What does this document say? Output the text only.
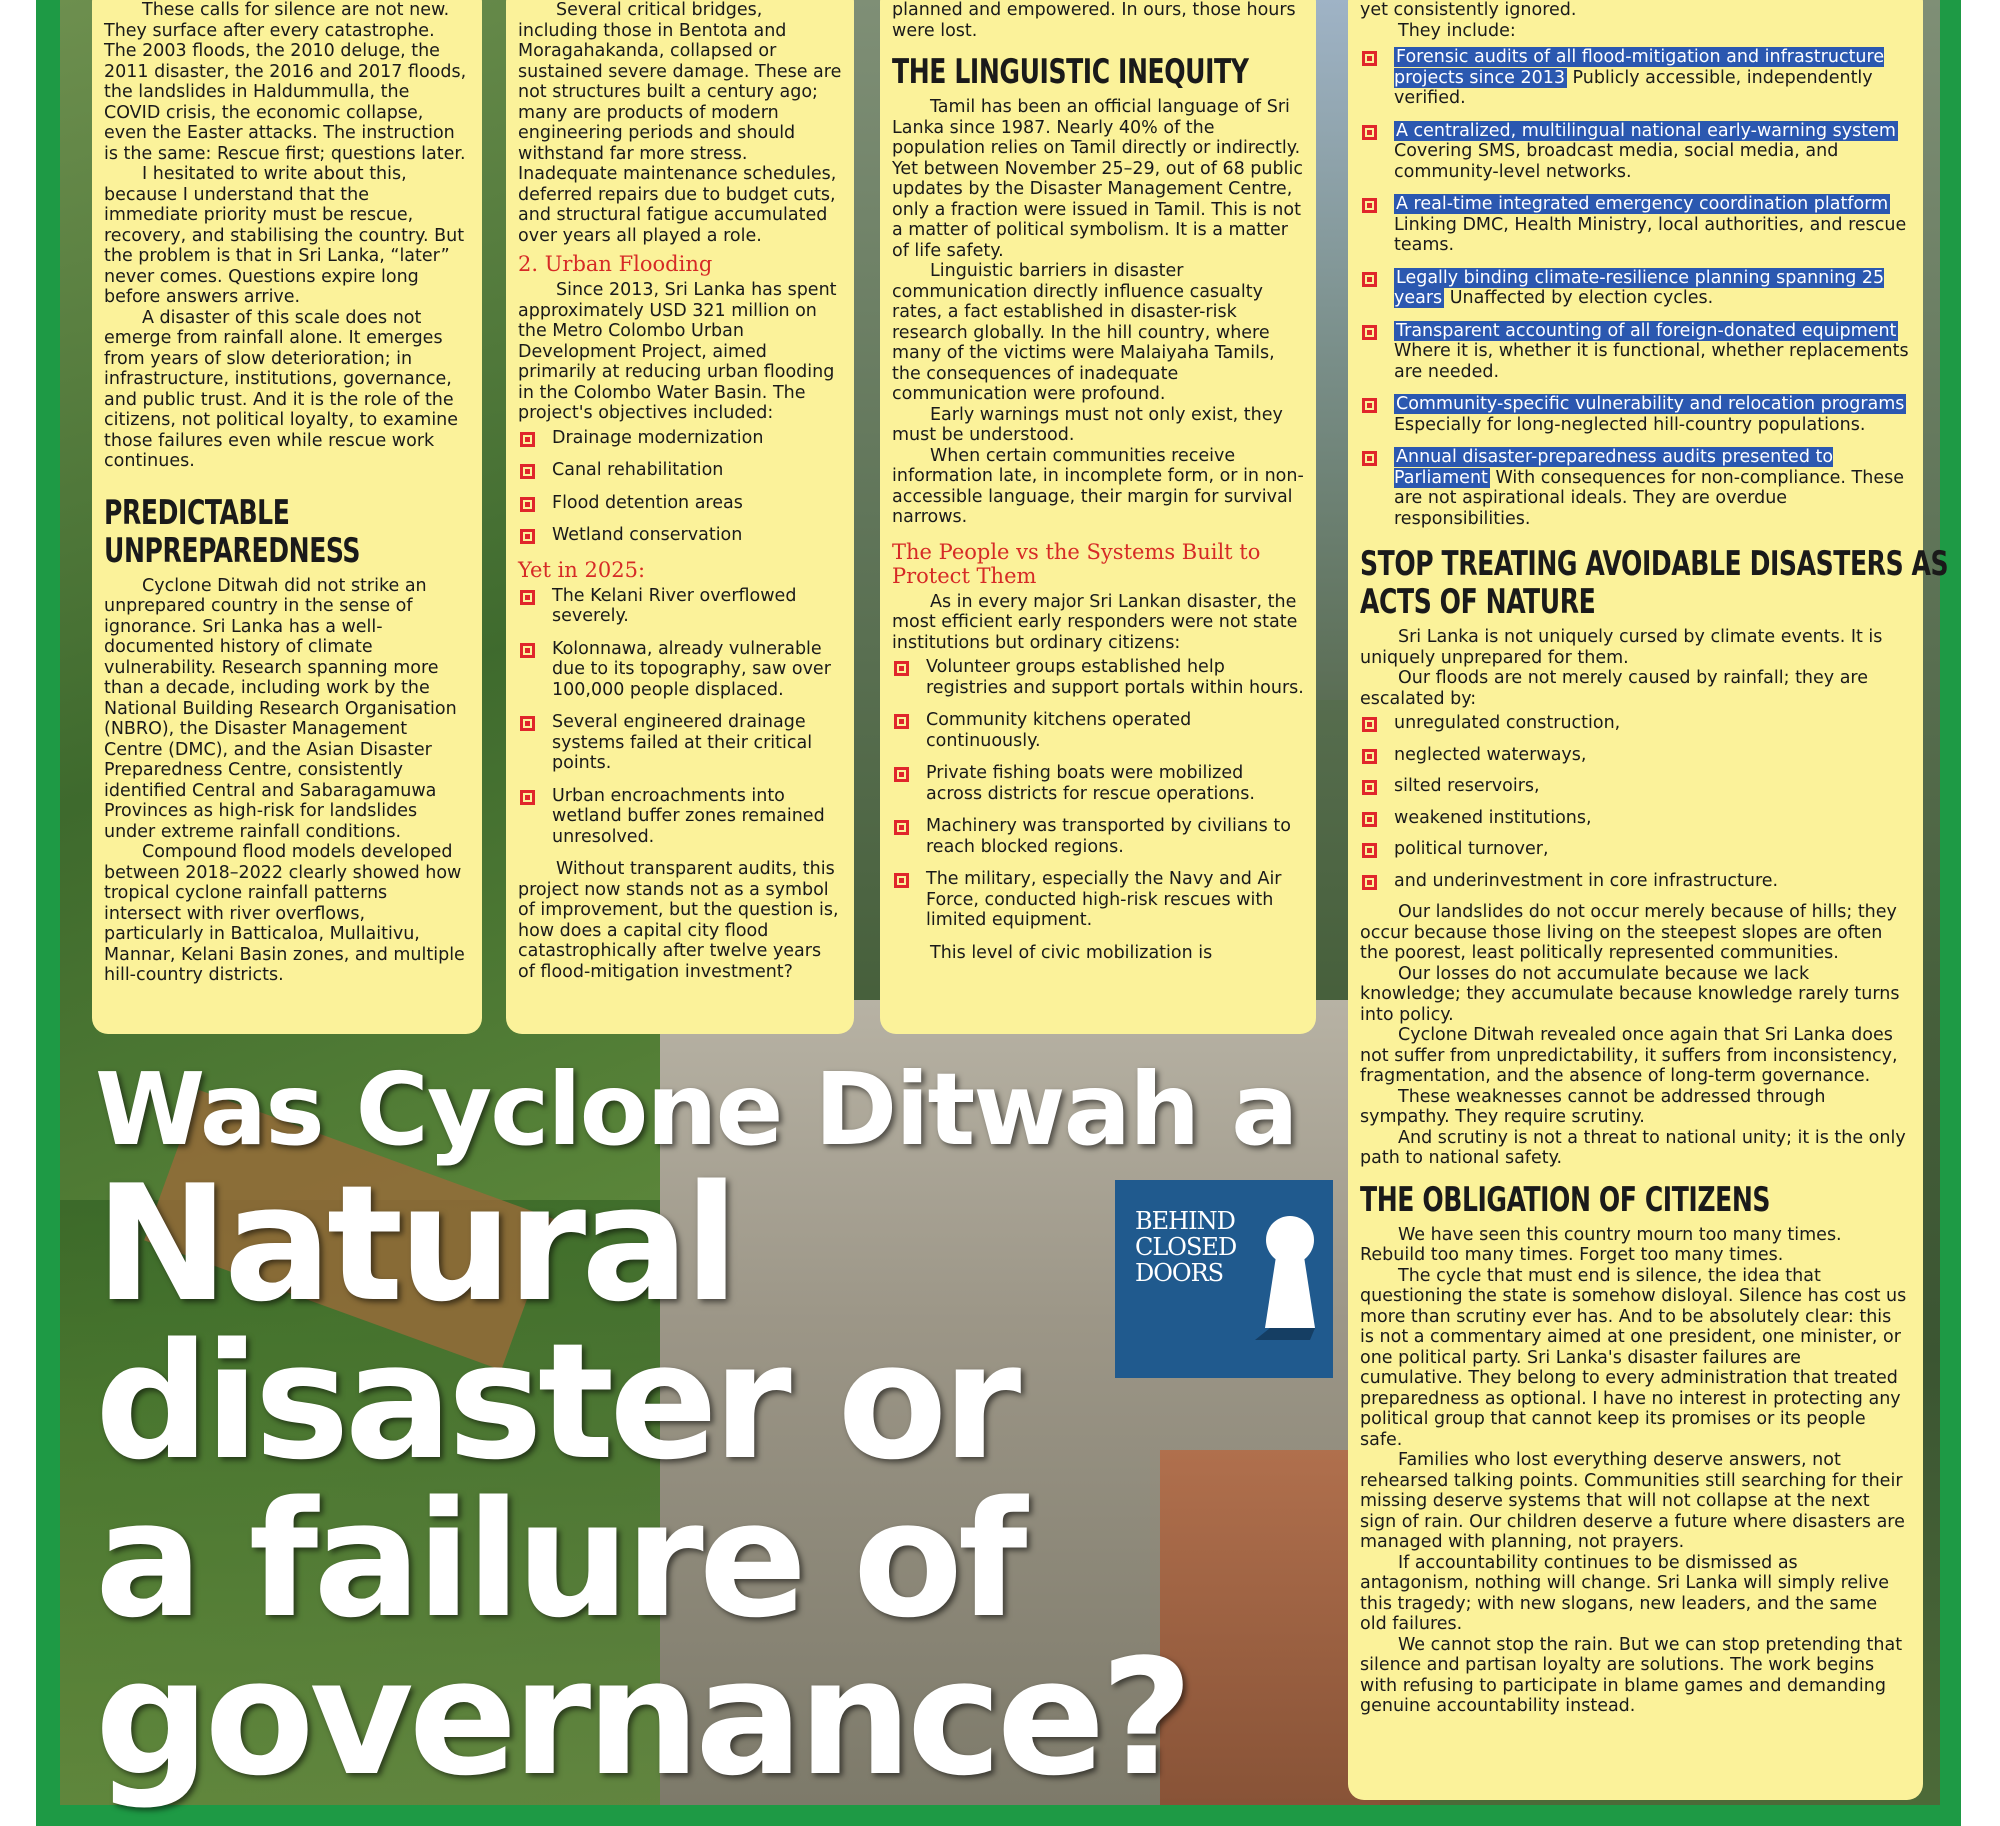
These calls for silence are not new. They surface after every catastrophe. The 2003 floods, the 2010 deluge, the 2011 disaster, the 2016 and 2017 floods, the landslides in Haldummulla, the COVID crisis, the economic collapse, even the Easter attacks. The instruction is the same: Rescue first; questions later.

I hesitated to write about this, because I understand that the immediate priority must be rescue, recovery, and stabilising the country. But the problem is that in Sri Lanka, “later” never comes. Questions expire long before answers arrive.

A disaster of this scale does not emerge from rainfall alone. It emerges from years of slow deterioration; in infrastructure, institutions, governance, and public trust. And it is the role of the citizens, not political loyalty, to examine those failures even while rescue work continues.

PREDICTABLE
UNPREPAREDNESS

Cyclone Ditwah did not strike an unprepared country in the sense of ignorance. Sri Lanka has a well-documented history of climate vulnerability. Research spanning more than a decade, including work by the National Building Research Organisation (NBRO), the Disaster Management Centre (DMC), and the Asian Disaster Preparedness Centre, consistently identified Central and Sabaragamuwa Provinces as high-risk for landslides under extreme rainfall conditions.

Compound flood models developed between 2018–2022 clearly showed how tropical cyclone rainfall patterns intersect with river overflows, particularly in Batticaloa, Mullaitivu, Mannar, Kelani Basin zones, and multiple hill-country districts.

Several critical bridges, including those in Bentota and Moragahakanda, collapsed or sustained severe damage. These are not structures built a century ago; many are products of modern engineering periods and should withstand far more stress. Inadequate maintenance schedules, deferred repairs due to budget cuts, and structural fatigue accumulated over years all played a role.

2. Urban Flooding

Since 2013, Sri Lanka has spent approximately USD 321 million on the Metro Colombo Urban Development Project, aimed primarily at reducing urban flooding in the Colombo Water Basin. The project's objectives included:

Drainage modernization
Canal rehabilitation
Flood detention areas
Wetland conservation
Yet in 2025:
The Kelani River overflowed severely.
Kolonnawa, already vulnerable due to its topography, saw over 100,000 people displaced.
Several engineered drainage systems failed at their critical points.
Urban encroachments into wetland buffer zones remained unresolved.

Without transparent audits, this project now stands not as a symbol of improvement, but the question is, how does a capital city flood catastrophically after twelve years of flood-mitigation investment?

planned and empowered. In ours, those hours were lost.

THE LINGUISTIC INEQUITY

Tamil has been an official language of Sri Lanka since 1987. Nearly 40% of the population relies on Tamil directly or indirectly. Yet between November 25–29, out of 68 public updates by the Disaster Management Centre, only a fraction were issued in Tamil. This is not a matter of political symbolism. It is a matter of life safety.

Linguistic barriers in disaster communication directly influence casualty rates, a fact established in disaster-risk research globally. In the hill country, where many of the victims were Malaiyaha Tamils, the consequences of inadequate communication were profound.

Early warnings must not only exist, they must be understood.

When certain communities receive information late, in incomplete form, or in non-accessible language, their margin for survival narrows.

The People vs the Systems Built to Protect Them

As in every major Sri Lankan disaster, the most efficient early responders were not state institutions but ordinary citizens:

Volunteer groups established help registries and support portals within hours.
Community kitchens operated continuously.
Private fishing boats were mobilized across districts for rescue operations.
Machinery was transported by civilians to reach blocked regions.
The military, especially the Navy and Air Force, conducted high-risk rescues with limited equipment.

This level of civic mobilization is

yet consistently ignored.

They include:

Forensic audits of all flood-mitigation and infrastructure projects since 2013 Publicly accessible, independently verified.
A centralized, multilingual national early-warning system Covering SMS, broadcast media, social media, and community-level networks.
A real-time integrated emergency coordination platform Linking DMC, Health Ministry, local authorities, and rescue teams.
Legally binding climate-resilience planning spanning 25 years Unaffected by election cycles.
Transparent accounting of all foreign-donated equipment Where it is, whether it is functional, whether replacements are needed.
Community-specific vulnerability and relocation programs Especially for long-neglected hill-country populations.
Annual disaster-preparedness audits presented to Parliament With consequences for non-compliance. These are not aspirational ideals. They are overdue responsibilities.
STOP TREATING AVOIDABLE DISASTERS AS
ACTS OF NATURE

Sri Lanka is not uniquely cursed by climate events. It is uniquely unprepared for them.

Our floods are not merely caused by rainfall; they are escalated by:

unregulated construction,
neglected waterways,
silted reservoirs,
weakened institutions,
political turnover,
and underinvestment in core infrastructure.

Our landslides do not occur merely because of hills; they occur because those living on the steepest slopes are often the poorest, least politically represented communities.

Our losses do not accumulate because we lack knowledge; they accumulate because knowledge rarely turns into policy.

Cyclone Ditwah revealed once again that Sri Lanka does not suffer from unpredictability, it suffers from inconsistency, fragmentation, and the absence of long-term governance.

These weaknesses cannot be addressed through sympathy. They require scrutiny.

And scrutiny is not a threat to national unity; it is the only path to national safety.

THE OBLIGATION OF CITIZENS

We have seen this country mourn too many times. Rebuild too many times. Forget too many times.

The cycle that must end is silence, the idea that questioning the state is somehow disloyal. Silence has cost us more than scrutiny ever has. And to be absolutely clear: this is not a commentary aimed at one president, one minister, or one political party. Sri Lanka's disaster failures are cumulative. They belong to every administration that treated preparedness as optional. I have no interest in protecting any political group that cannot keep its promises or its people safe.

Families who lost everything deserve answers, not rehearsed talking points. Communities still searching for their missing deserve systems that will not collapse at the next sign of rain. Our children deserve a future where disasters are managed with planning, not prayers.

If accountability continues to be dismissed as antagonism, nothing will change. Sri Lanka will simply relive this tragedy; with new slogans, new leaders, and the same old failures.

We cannot stop the rain. But we can stop pretending that silence and partisan loyalty are solutions. The work begins with refusing to participate in blame games and demanding genuine accountability instead.

Was Cyclone Ditwah a
Natural
disaster or
a failure of
governance?
BEHIND
CLOSED
DOORS
